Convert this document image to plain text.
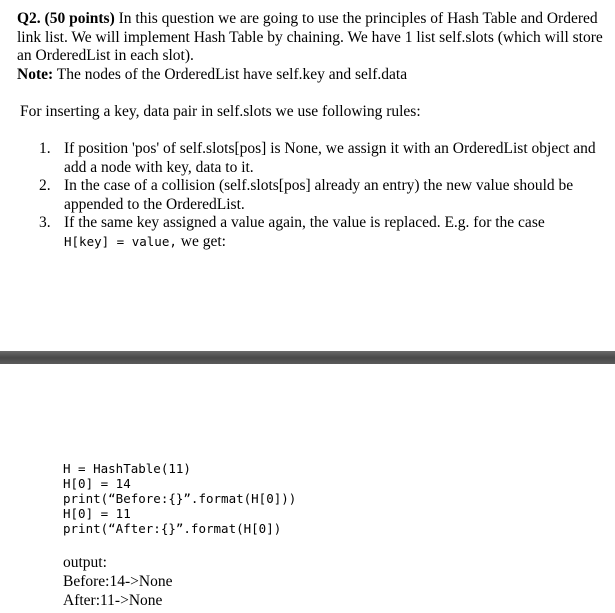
Q2. (50 points) In this question we are going to use the principles of Hash Table and Ordered link list. We will implement Hash Table by chaining. We have 1 list self.slots (which will store an OrderedList in each slot).

Note: The nodes of the OrderedList have self.key and self.data

For inserting a key, data pair in self.slots we use following rules:

1. If position 'pos' of self.slots[pos] is None, we assign it with an OrderedList object and add a node with key, data to it.
2. In the case of a collision (self.slots[pos] already an entry) the new value should be appended to the OrderedList.
3. If the same key assigned a value again, the value is replaced. E.g. for the case
H[key] = value, we get:
H = HashTable(11)
H[0] = 14
print(“Before:{}”.format(H[0]))
H[0] = 11
print(“After:{}”.format(H[0])
output:
Before:14->None
After:11->None
